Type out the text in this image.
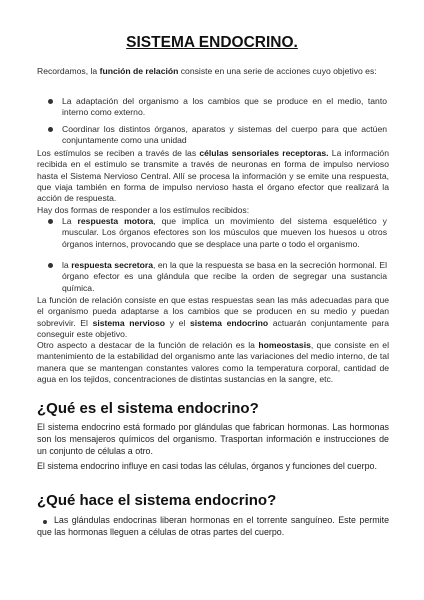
SISTEMA ENDOCRINO.

Recordamos, la función de relación consiste en una serie de acciones cuyo objetivo es:

La adaptación del organismo a los cambios que se produce en el medio, tanto interno como externo.
Coordinar los distintos órganos, aparatos y sistemas del cuerpo para que actúen conjuntamente como una unidad

Los estímulos se reciben a través de las células sensoriales receptoras. La información recibida en el estímulo se transmite a través de neuronas en forma de impulso nervioso hasta el Sistema Nervioso Central. Allí se procesa la información y se emite una respuesta, que viaja también en forma de impulso nervioso hasta el órgano efector que realizará la acción de respuesta.

Hay dos formas de responder a los estímulos recibidos:

La respuesta motora, que implica un movimiento del sistema esquelético y muscular. Los órganos efectores son los músculos que mueven los huesos u otros órganos internos, provocando que se desplace una parte o todo el organismo.
la respuesta secretora, en la que la respuesta se basa en la secreción hormonal. El órgano efector es una glándula que recibe la orden de segregar una sustancia química.

La función de relación consiste en que estas respuestas sean las más adecuadas para que el organismo pueda adaptarse a los cambios que se producen en su medio y puedan sobrevivir. El sistema nervioso y el sistema endocrino actuarán conjuntamente para conseguir este objetivo.

Otro aspecto a destacar de la función de relación es la homeostasis, que consiste en el mantenimiento de la estabilidad del organismo ante las variaciones del medio interno, de tal manera que se mantengan constantes valores como la temperatura corporal, cantidad de agua en los tejidos, concentraciones de distintas sustancias en la sangre, etc.

¿Qué es el sistema endocrino?

El sistema endocrino está formado por glándulas que fabrican hormonas. Las hormonas son los mensajeros químicos del organismo. Trasportan información e instrucciones de un conjunto de células a otro.

El sistema endocrino influye en casi todas las células, órganos y funciones del cuerpo.

¿Qué hace el sistema endocrino?

Las glándulas endocrinas liberan hormonas en el torrente sanguíneo. Este permite que las hormonas lleguen a células de otras partes del cuerpo.
